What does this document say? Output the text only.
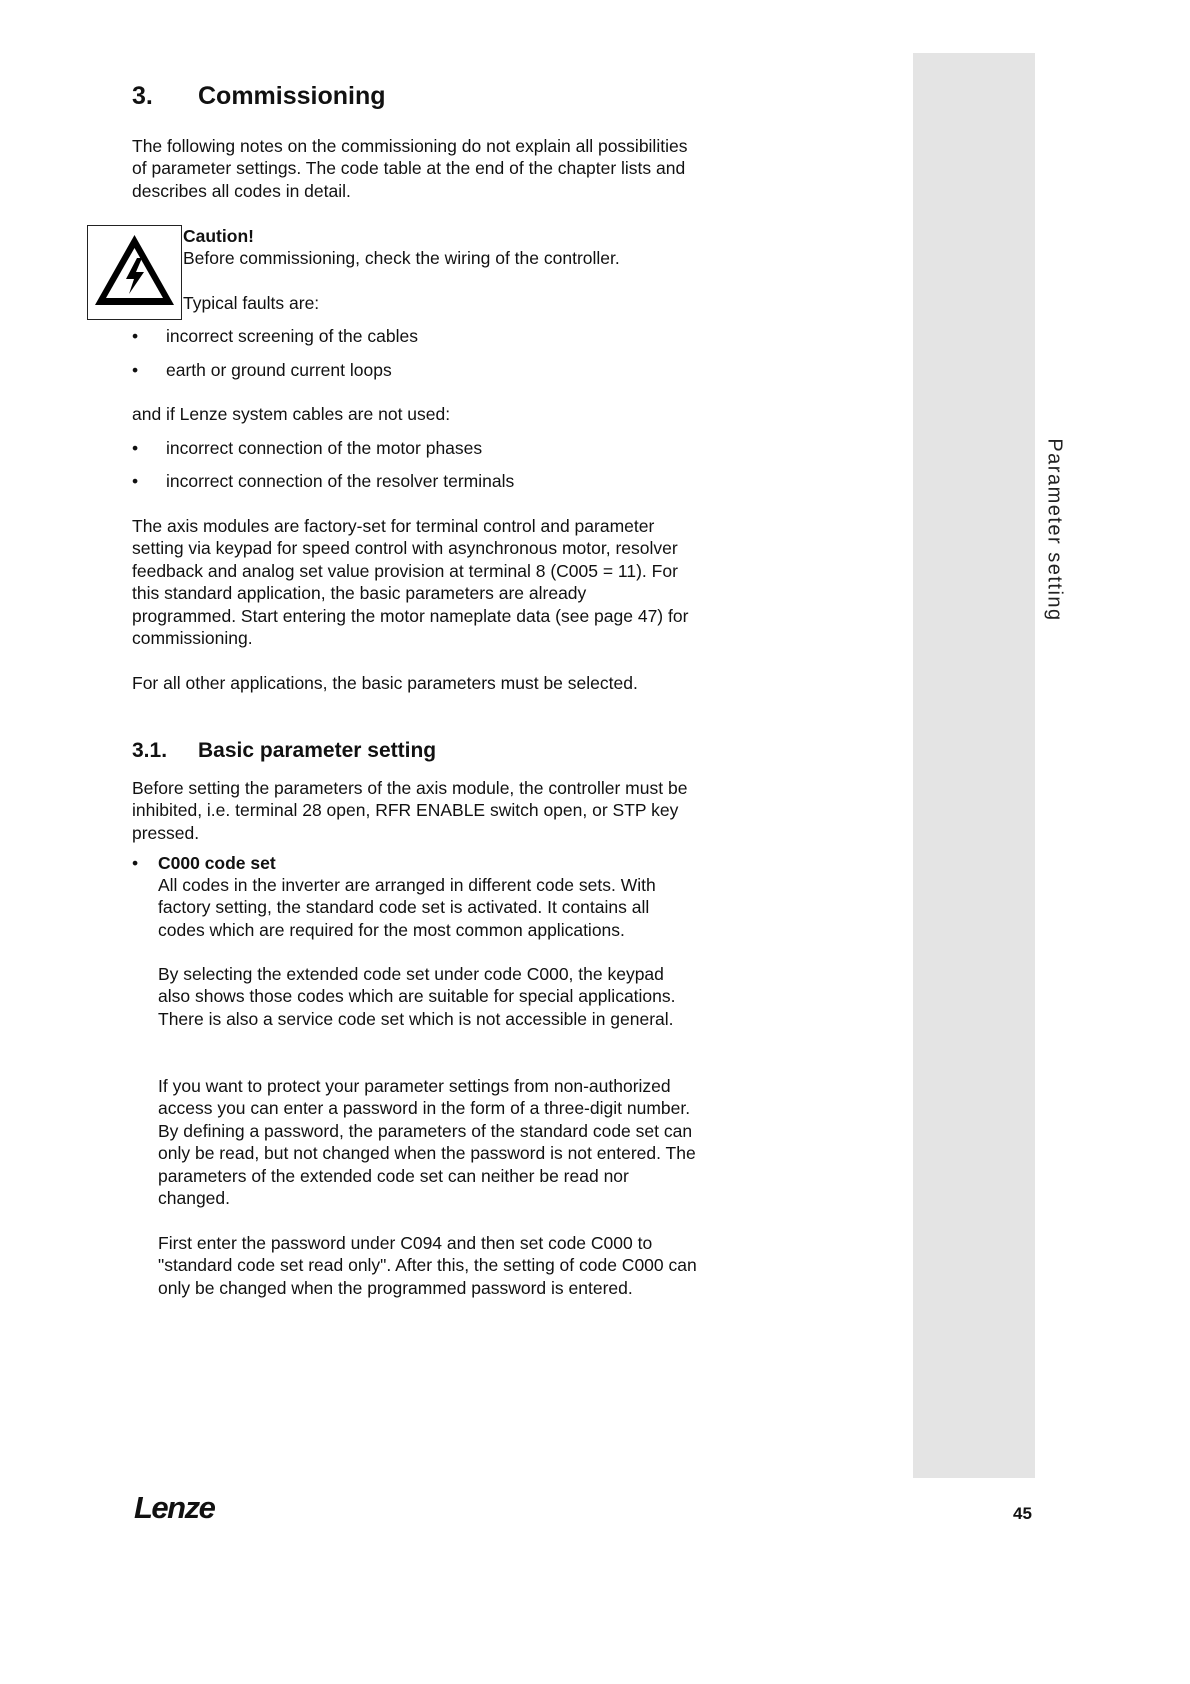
Parameter setting
3. Commissioning

The following notes on the commissioning do not explain all possibilities of parameter settings. The code table at the end of the chapter lists and describes all codes in detail.

Caution!
Before commissioning, check the wiring of the controller.
Typical faults are:
• incorrect screening of the cables
• earth or ground current loops

and if Lenze system cables are not used:

• incorrect connection of the motor phases
• incorrect connection of the resolver terminals

The axis modules are factory-set for terminal control and parameter setting via keypad for speed control with asynchronous motor, resolver feedback and analog set value provision at terminal 8 (C005 = 11). For this standard application, the basic parameters are already programmed. Start entering the motor nameplate data (see page 47) for commissioning.

For all other applications, the basic parameters must be selected.

3.1. Basic parameter setting

Before setting the parameters of the axis module, the controller must be inhibited, i.e. terminal 28 open, RFR ENABLE switch open, or STP key pressed.

• C000 code set

All codes in the inverter are arranged in different code sets. With factory setting, the standard code set is activated. It contains all codes which are required for the most common applications.

By selecting the extended code set under code C000, the keypad also shows those codes which are suitable for special applications. There is also a service code set which is not accessible in general.

If you want to protect your parameter settings from non-authorized access you can enter a password in the form of a three-digit number. By defining a password, the parameters of the standard code set can only be read, but not changed when the password is not entered. The parameters of the extended code set can neither be read nor changed.

First enter the password under C094 and then set code C000 to "standard code set read only". After this, the setting of code C000 can only be changed when the programmed password is entered.

Lenze	45
